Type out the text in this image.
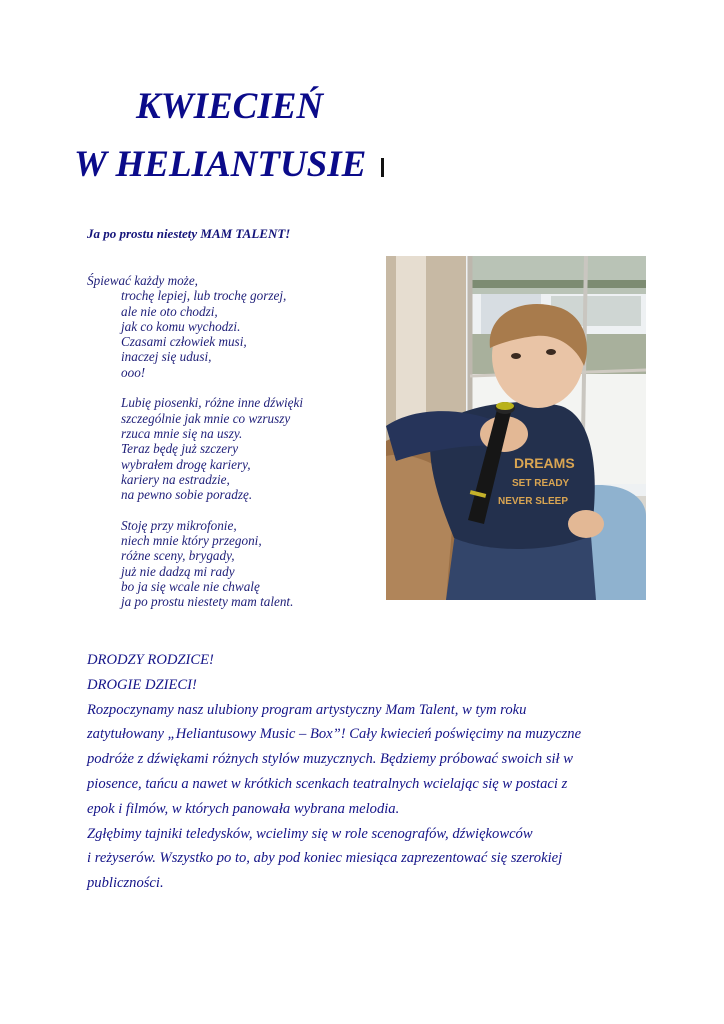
KWIECIEŃ
W HELIANTUSIE
Ja po prostu niestety MAM TALENT!
Śpiewać każdy może,
trochę lepiej, lub trochę gorzej,
ale nie oto chodzi,
jak co komu wychodzi.
Czasami człowiek musi,
inaczej się udusi,
ooo!
Lubię piosenki, różne inne dźwięki
szczególnie jak mnie co wzruszy
rzuca mnie się na uszy.
Teraz będę już szczery
wybrałem drogę kariery,
kariery na estradzie,
na pewno sobie poradzę.
Stoję przy mikrofonie,
niech mnie który przegoni,
różne sceny, brygady,
już nie dadzą mi rady
bo ja się wcale nie chwalę
ja po prostu niestety mam talent.
DREAMS
SET READY
NEVER SLEEP
DRODZY RODZICE!
DROGIE DZIECI!
Rozpoczynamy nasz ulubiony program artystyczny Mam Talent, w tym roku
zatytułowany „Heliantusowy Music – Box”! Cały kwiecień poświęcimy na muzyczne
podróże z dźwiękami różnych stylów muzycznych. Będziemy próbować swoich sił w
piosence, tańcu a nawet w krótkich scenkach teatralnych wcielając się w postaci z
epok i filmów, w których panowała wybrana melodia.
Zgłębimy tajniki teledysków, wcielimy się w role scenografów, dźwiękowców
i reżyserów. Wszystko po to, aby pod koniec miesiąca zaprezentować się szerokiej
publiczności.
